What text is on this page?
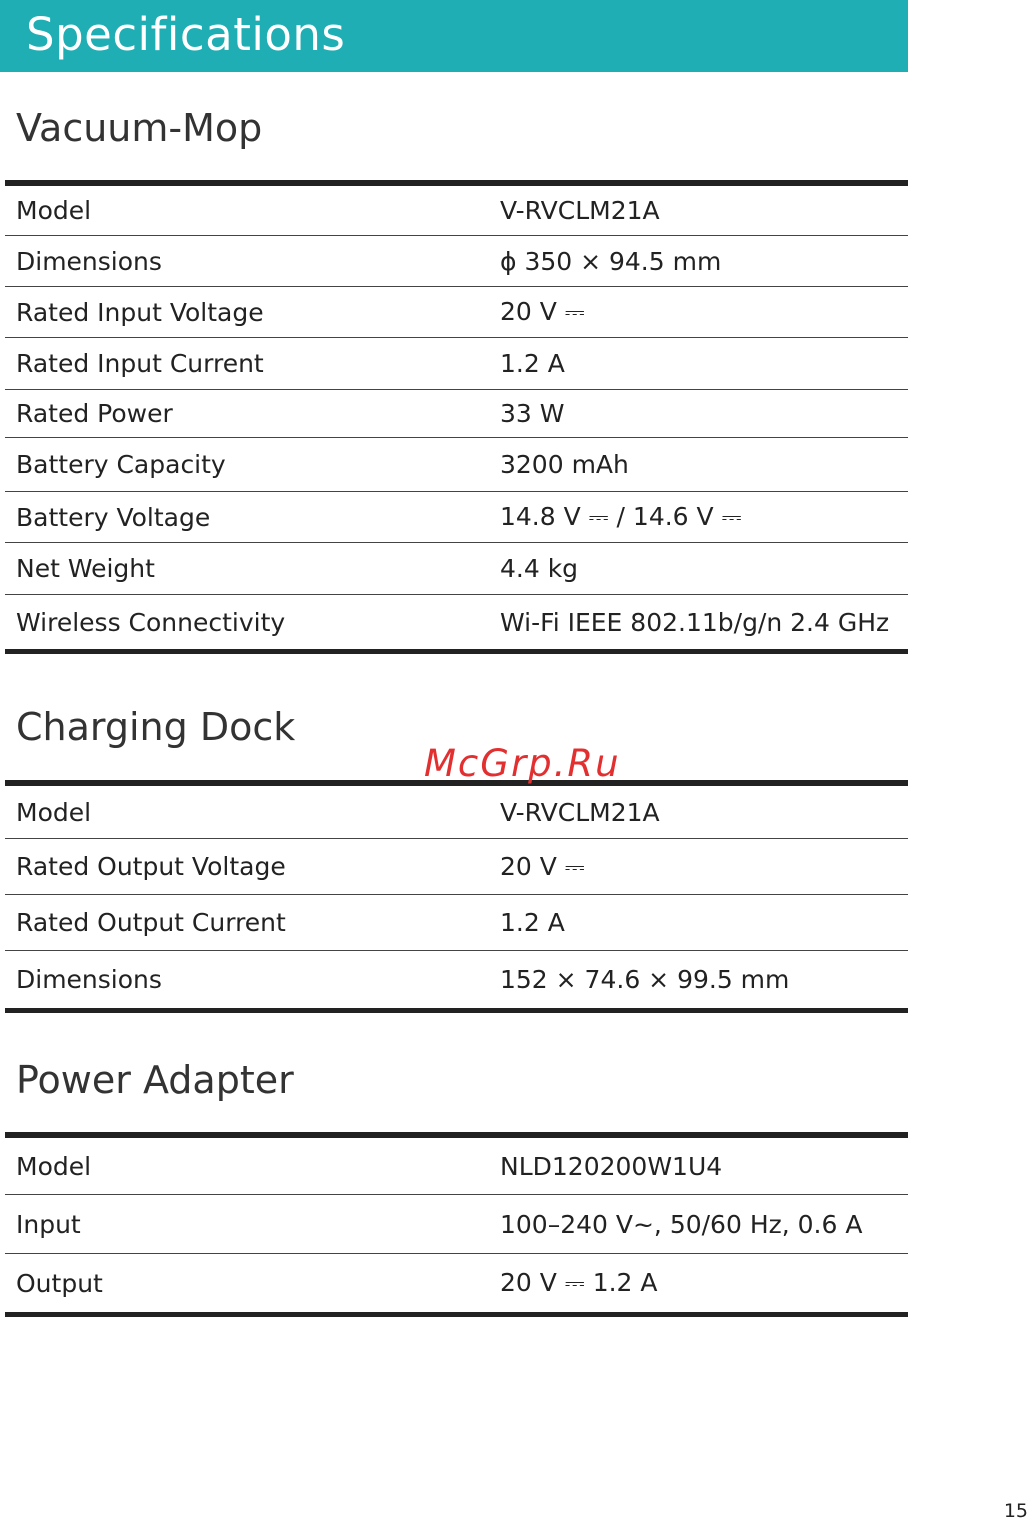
Specifications
Vacuum-Mop
Model	V-RVCLM21A
Dimensions	ϕ 350 × 94.5 mm
Rated Input Voltage	20 V ⎓
Rated Input Current	1.2 A
Rated Power	33 W
Battery Capacity	3200 mAh
Battery Voltage	14.8 V ⎓ / 14.6 V ⎓
Net Weight	4.4 kg
Wireless Connectivity	Wi-Fi IEEE 802.11b/g/n 2.4 GHz
Charging Dock
Model	V-RVCLM21A
Rated Output Voltage	20 V ⎓
Rated Output Current	1.2 A
Dimensions	152 × 74.6 × 99.5 mm
Power Adapter
Model	NLD120200W1U4
Input	100–240 V~, 50/60 Hz, 0.6 A
Output	20 V ⎓ 1.2 A
McGrp.Ru
15
